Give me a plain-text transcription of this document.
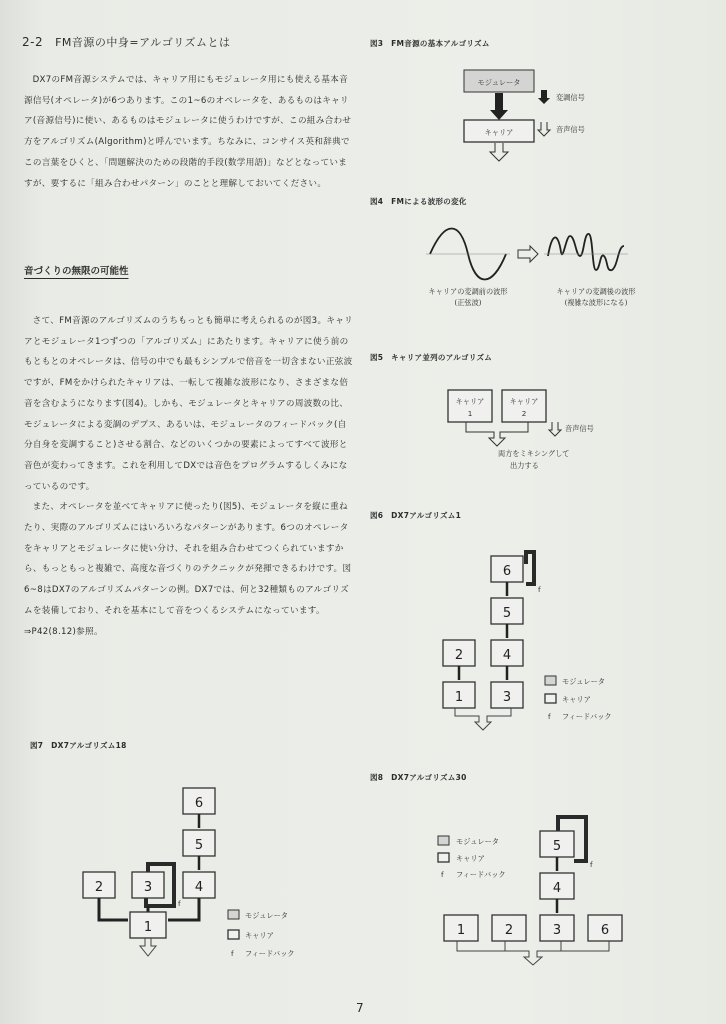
2-2 FM音源の中身=アルゴリズムとは

DX7のFM音源システムでは、キャリア用にもモジュレータ用にも使える基本音源信号(オペレータ)が6つあります。この1~6のオペレータを、あるものはキャリア(音源信号)に使い、あるものはモジュレータに使うわけですが、この組み合わせ方をアルゴリズム(Algorithm)と呼んでいます。ちなみに、コンサイス英和辞典でこの言葉をひくと、「問題解決のための段階的手段(数学用語)」などとなっていますが、要するに「組み合わせパターン」のことと理解しておいてください。

音づくりの無限の可能性

さて、FM音源のアルゴリズムのうちもっとも簡単に考えられるのが図3。キャリアとモジュレータ1つずつの「アルゴリズム」にあたります。キャリアに使う前のもともとのオペレータは、信号の中でも最もシンプルで倍音を一切含まない正弦波ですが、FMをかけられたキャリアは、一転して複雑な波形になり、さまざまな倍音を含むようになります(図4)。しかも、モジュレータとキャリアの周波数の比、モジュレータによる変調のデプス、あるいは、モジュレータのフィードバック(自分自身を変調すること)させる割合、などのいくつかの要素によってすべて波形と音色が変わってきます。これを利用してDXでは音色をプログラムするしくみになっているのです。

また、オペレータを並べてキャリアに使ったり(図5)、モジュレータを縦に重ねたり、実際のアルゴリズムにはいろいろなパターンがあります。6つのオペレータをキャリアとモジュレータに使い分け、それを組み合わせてつくられていますから、もっともっと複雑で、高度な音づくりのテクニックが発揮できるわけです。図6~8はDX7のアルゴリズムパターンの例。DX7では、何と32種類ものアルゴリズムを装備しており、それを基本にして音をつくるシステムになっています。⇒P42(8.12)参照。

図3　FM音源の基本アルゴリズム
モジュレータ
キャリア
変調信号
音声信号
図4　FMによる波形の変化
キャリアの変調前の波形
(正弦波)
キャリアの変調後の波形
(複雑な波形になる)
図5　キャリア並列のアルゴリズム
キャリア
1
キャリア
2
音声信号
両方をミキシングして
出力する
図6　DX7アルゴリズム1
f
6
5
2	4
1	3
モジュレータ
キャリア
f フィードバック
図7　DX7アルゴリズム18
6
5
2
f
3	4
1
モジュレータ
キャリア
f フィードバック
図8　DX7アルゴリズム30
f
5
4
1	2	3	6
モジュレータ
キャリア
f フィードバック
7
